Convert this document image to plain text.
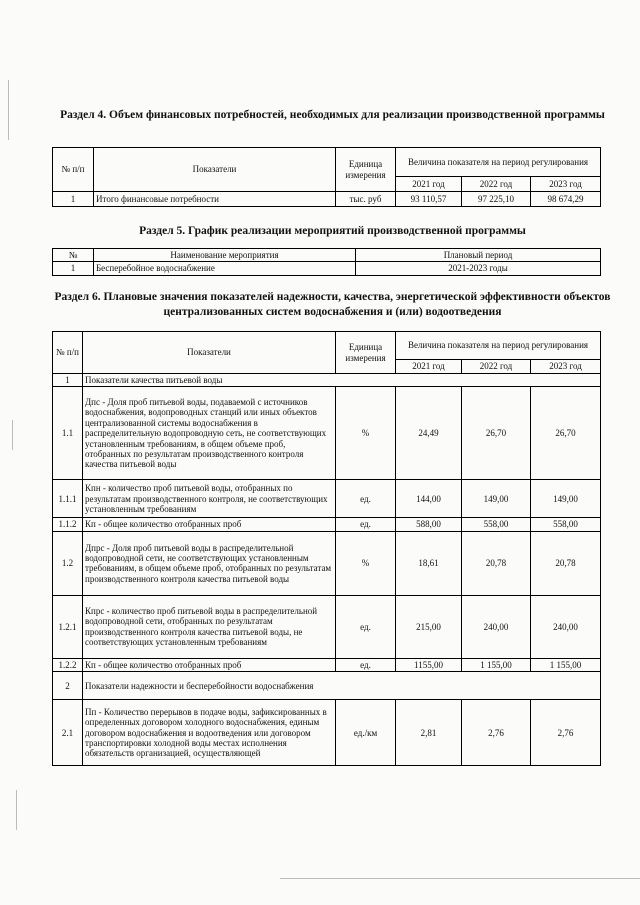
Раздел 4. Объем финансовых потребностей, необходимых для реализации производственной программы
№ п/п	Показатели	Единица измерения	Величина показателя на период регулирования		
			2021 год	2022 год	2023 год
1	Итого финансовые потребности	тыс. руб	93 110,57	97 225,10	98 674,29
Раздел 5. График реализации мероприятий производственной программы
№	Наименование мероприятия	Плановый период
1	Бесперебойное водоснабжение	2021-2023 годы
Раздел 6. Плановые значения показателей надежности, качества, энергетической эффективности объектов централизованных систем водоснабжения и (или) водоотведения
№ п/п	Показатели	Единица измерения	Величина показателя на период регулирования		
			2021 год	2022 год	2023 год
1	Показатели качества питьевой воды				
1.1	Дпс - Доля проб питьевой воды, подаваемой с источников водоснабжения, водопроводных станций или иных объектов централизованной системы водоснабжения в распределительную водопроводную сеть, не соответствующих установленным требованиям, в общем объеме проб, отобранных по результатам производственного контроля качества питьевой воды	%	24,49	26,70	26,70
1.1.1	Кпн - количество проб питьевой воды, отобранных по результатам производственного контроля, не соответствующих установленным требованиям	ед.	144,00	149,00	149,00
1.1.2	Кп - общее количество отобранных проб	ед.	588,00	558,00	558,00
1.2	Дпрс - Доля проб питьевой воды в распределительной водопроводной сети, не соответствующих установленным требованиям, в общем объеме проб, отобранных по результатам производственного контроля качества питьевой воды	%	18,61	20,78	20,78
1.2.1	Кпрс - количество проб питьевой воды в распределительной водопроводной сети, отобранных по результатам производственного контроля качества питьевой воды, не соответствующих установленным требованиям	ед.	215,00	240,00	240,00
1.2.2	Кп - общее количество отобранных проб	ед.	1155,00	1 155,00	1 155,00
2	Показатели надежности и бесперебойности водоснабжения				
2.1	Пп - Количество перерывов в подаче воды, зафиксированных в определенных договором холодного водоснабжения, единым договором водоснабжения и водоотведения или договором транспортировки холодной воды местах исполнения обязательств организацией, осуществляющей	ед./км	2,81	2,76	2,76
